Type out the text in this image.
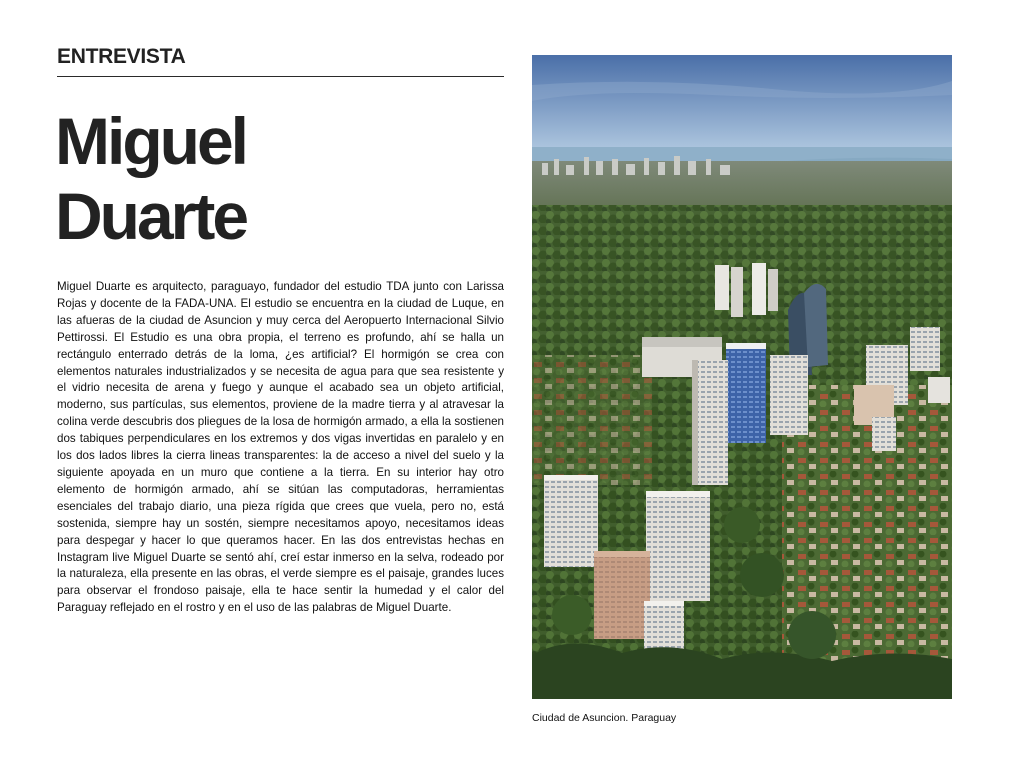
ENTREVISTA
Miguel
Duarte

Miguel Duarte es arquitecto, paraguayo, fundador del estudio TDA junto con Larissa Rojas y docente de la FADA-UNA. El estudio se encuentra en la ciudad de Luque, en las afueras de la ciudad de Asuncion y muy cerca del Aeropuerto Internacional Silvio Pettirossi. El Estudio es una obra propia, el terreno es profundo, ahí se halla un rectángulo enterrado detrás de la loma, ¿es artificial? El hormigón se crea con elementos naturales industrializados y se necesita de agua para que sea resistente y el vidrio necesita de arena y fuego y aunque el acabado sea un objeto artificial, moderno, sus partículas, sus elementos, proviene de la madre tierra y al atravesar la colina verde descubris dos pliegues de la losa de hormigón armado, a ella la sostienen dos tabiques perpendiculares en los extremos y dos vigas invertidas en paralelo y en los dos lados libres la cierra lineas transparentes: la de acceso a nivel del suelo y la siguiente apoyada en un muro que contiene a la tierra. En su interior hay otro elemento de hormigón armado, ahí se sitúan las computadoras, herramientas esenciales del trabajo diario, una pieza rígida que crees que vuela, pero no, está sostenida, siempre hay un sostén, siempre necesitamos apoyo, necesitamos ideas para despegar y hacer lo que queramos hacer. En las dos entrevistas hechas en Instagram live Miguel Duarte se sentó ahí, creí estar inmerso en la selva, rodeado por la naturaleza, ella presente en las obras, el verde siempre es el paisaje, grandes luces para observar el frondoso paisaje, ella te hace sentir la humedad y el calor del Paraguay reflejado en el rostro y en el uso de las palabras de Miguel Duarte.

Ciudad de Asuncion. Paraguay
